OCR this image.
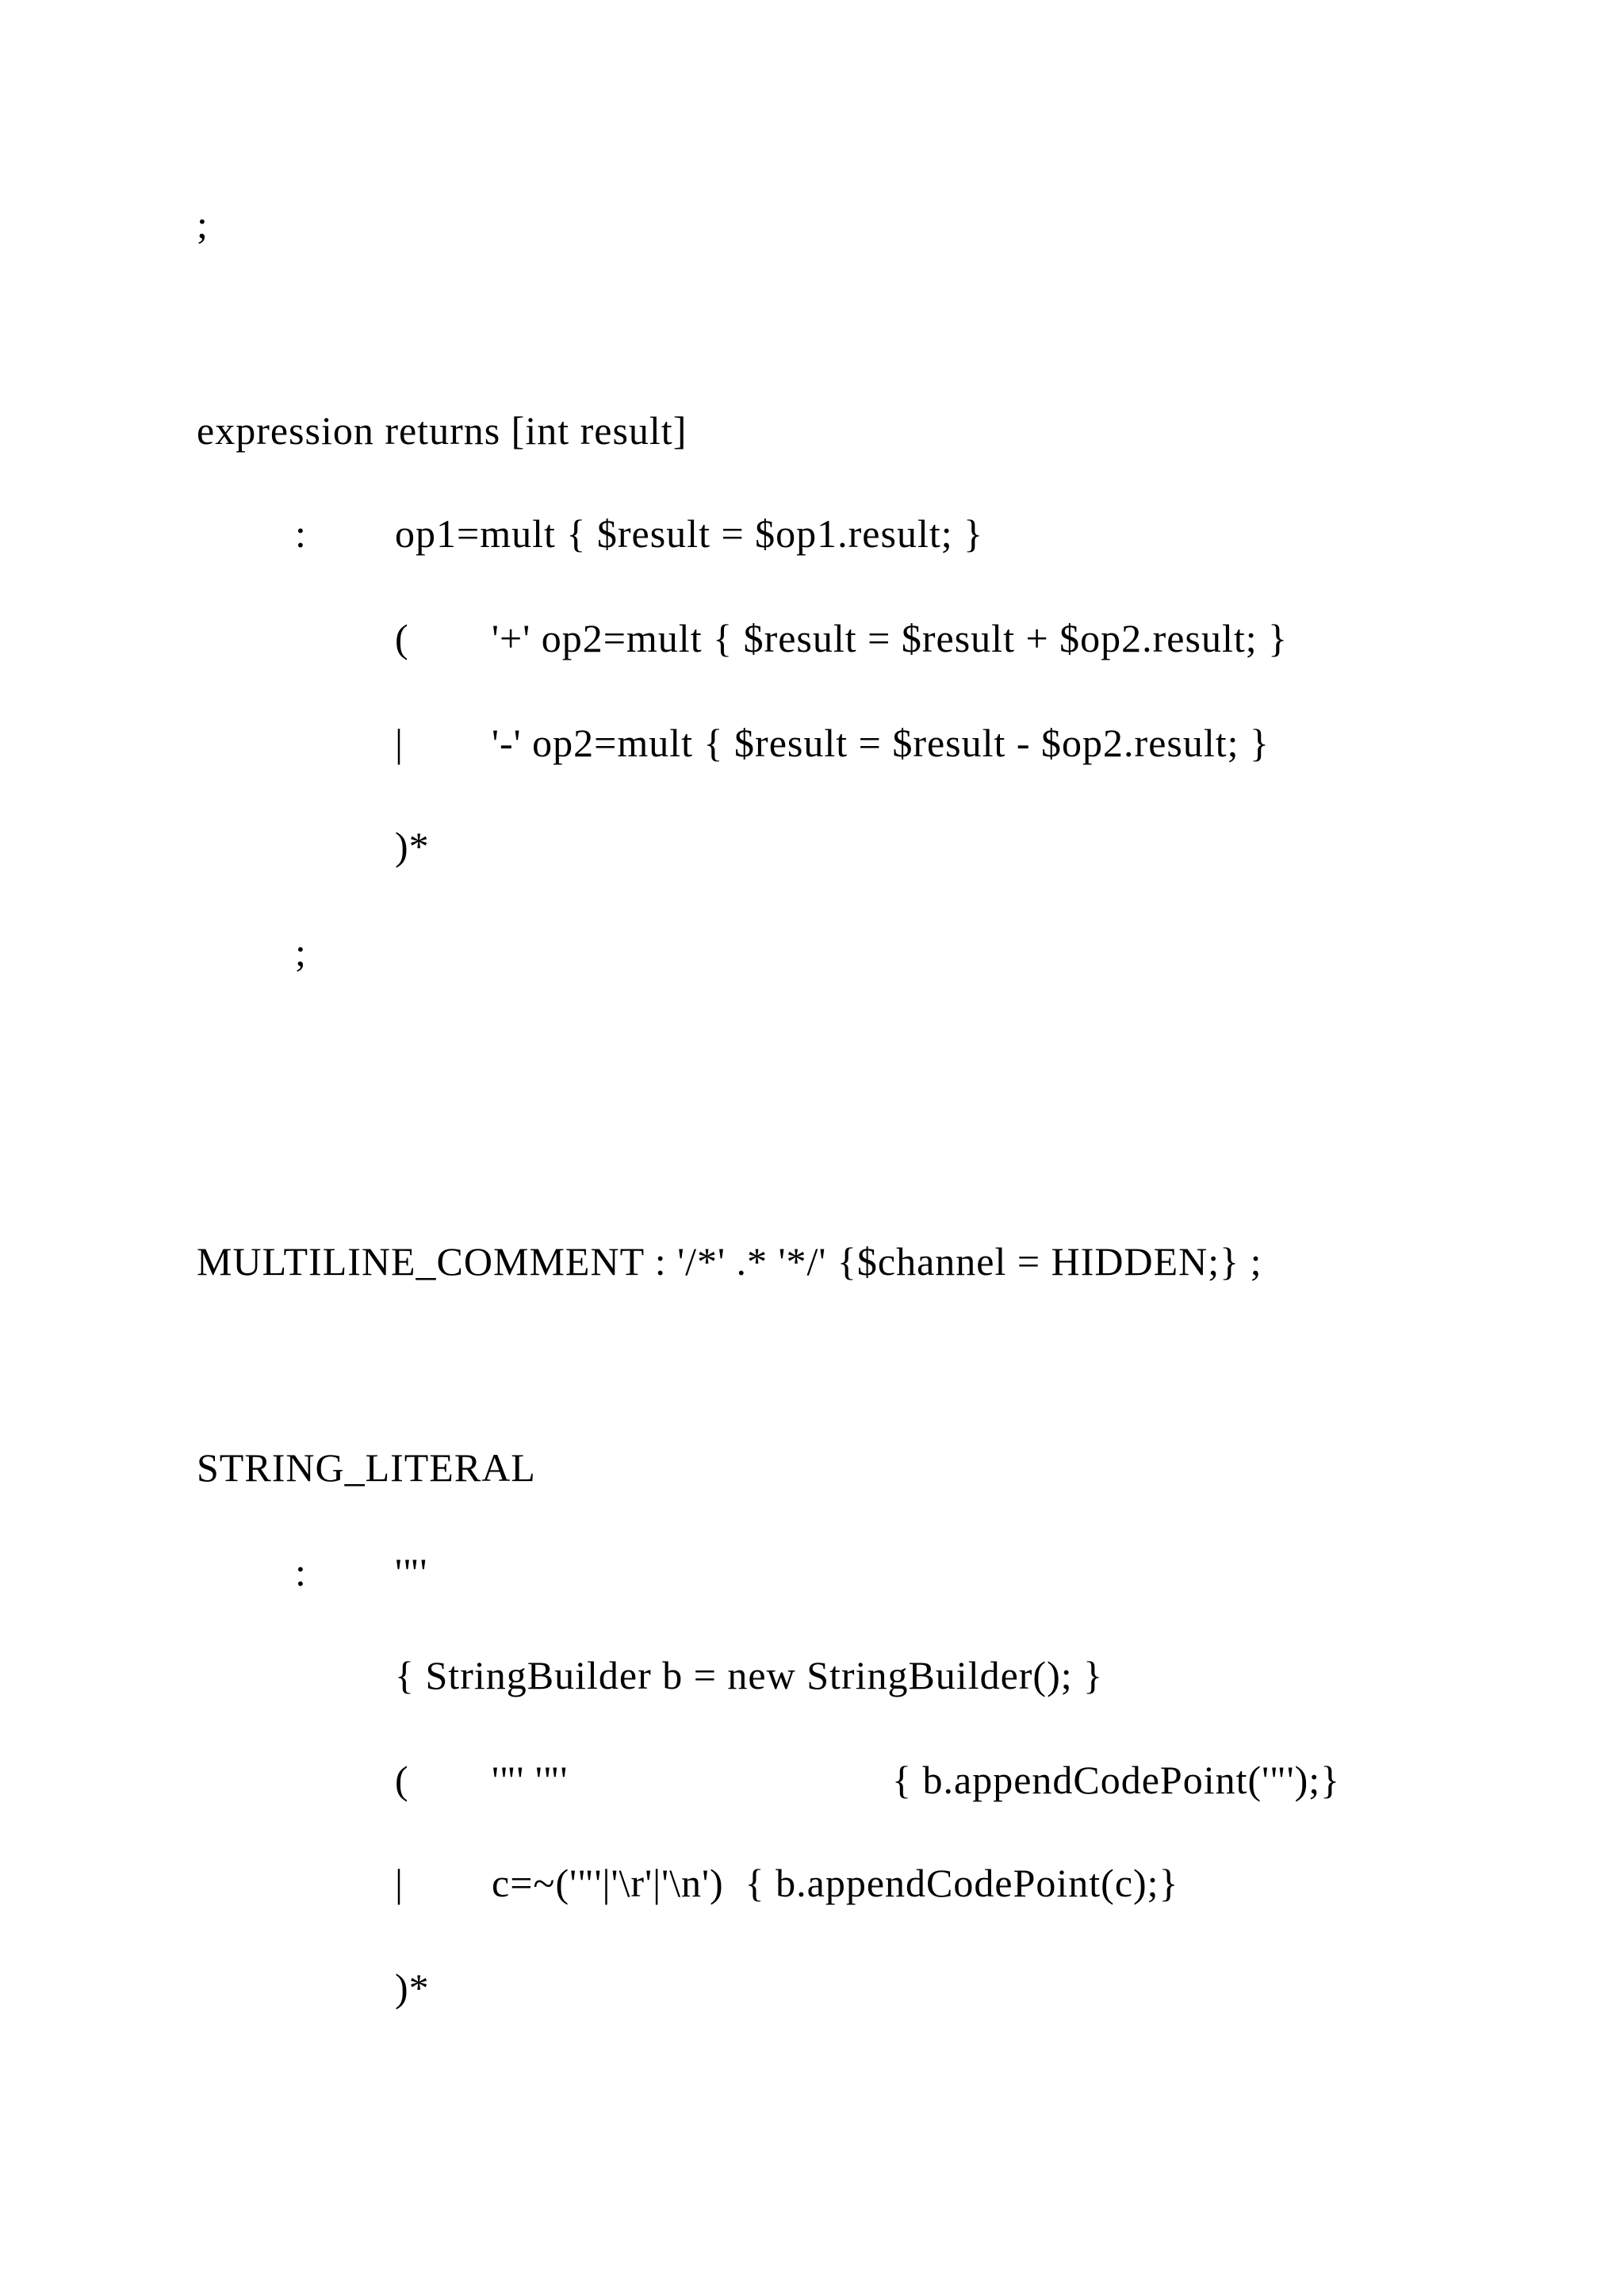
;
expression returns [int result]
: op1=mult { $result = $op1.result; }
( '+' op2=mult { $result = $result + $op2.result; }
| '-' op2=mult { $result = $result - $op2.result; }
)*
;
MULTILINE_COMMENT : '/*' .* '*/' {$channel = HIDDEN;} ;
STRING_LITERAL
: '"'
{ StringBuilder b = new StringBuilder(); }
( '"' '"'	{ b.appendCodePoint('"');}
| c=~('"'|'\r'|'\n')  { b.appendCodePoint(c);}
)*
